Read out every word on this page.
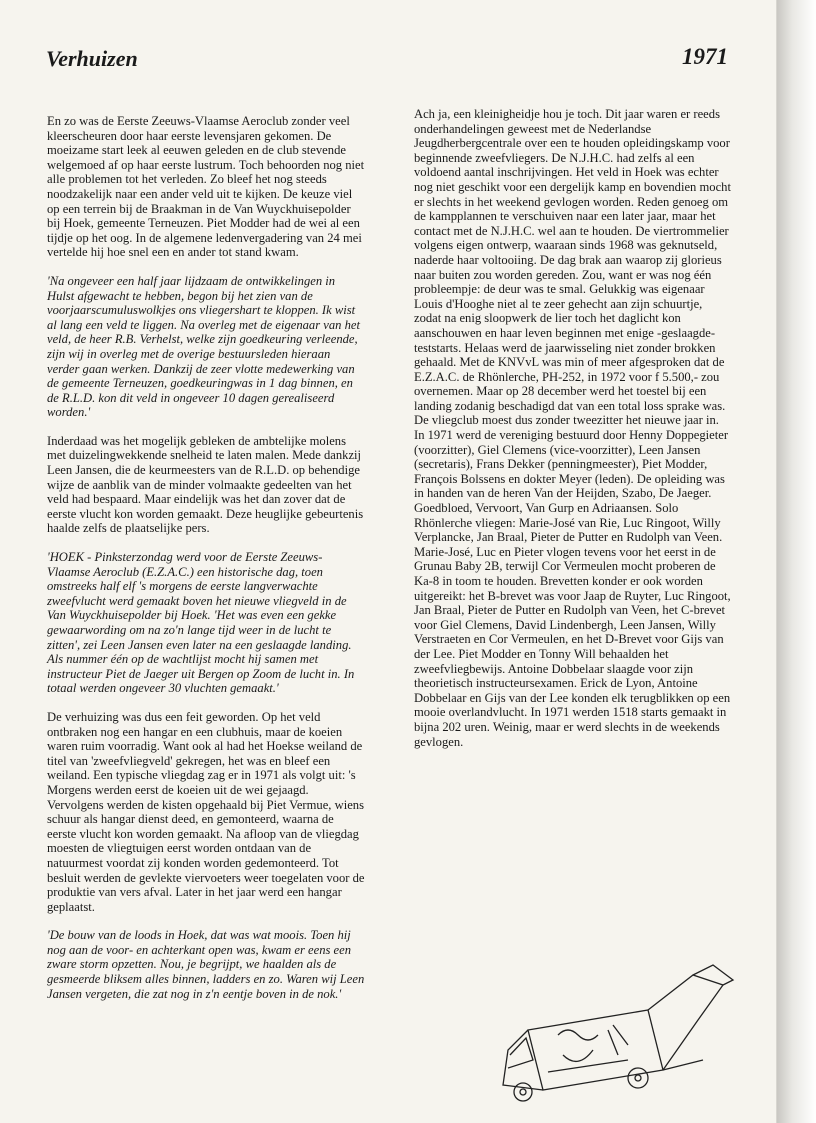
Verhuizen	1971

En zo was de Eerste Zeeuws-Vlaamse Aeroclub zonder veel kleerscheuren door haar eerste levensjaren gekomen. De moeizame start leek al eeuwen geleden en de club stevende welgemoed af op haar eerste lustrum. Toch behoorden nog niet alle problemen tot het verleden. Zo bleef het nog steeds noodzakelijk naar een ander veld uit te kijken. De keuze viel op een terrein bij de Braakman in de Van Wuyckhuisepolder bij Hoek, gemeente Terneuzen. Piet Modder had de wei al een tijdje op het oog. In de algemene ledenvergadering van 24 mei vertelde hij hoe snel een en ander tot stand kwam.

'Na ongeveer een half jaar lijdzaam de ontwikkelingen in Hulst afgewacht te hebben, begon bij het zien van de voorjaarscumuluswolkjes ons vliegershart te kloppen. Ik wist al lang een veld te liggen. Na overleg met de eigenaar van het veld, de heer R.B. Verhelst, welke zijn goedkeuring verleende, zijn wij in overleg met de overige bestuursleden hieraan verder gaan werken. Dankzij de zeer vlotte medewerking van de gemeente Terneuzen, goedkeuringwas in 1 dag binnen, en de R.L.D. kon dit veld in ongeveer 10 dagen gerealiseerd worden.'

Inderdaad was het mogelijk gebleken de ambtelijke molens met duizelingwekkende snelheid te laten malen. Mede dankzij Leen Jansen, die de keurmeesters van de R.L.D. op behendige wijze de aanblik van de minder volmaakte gedeelten van het veld had bespaard. Maar eindelijk was het dan zover dat de eerste vlucht kon worden gemaakt. Deze heuglijke gebeurtenis haalde zelfs de plaatselijke pers.

'HOEK - Pinksterzondag werd voor de Eerste Zeeuws-Vlaamse Aeroclub (E.Z.A.C.) een historische dag, toen omstreeks half elf 's morgens de eerste langverwachte zweefvlucht werd gemaakt boven het nieuwe vliegveld in de Van Wuyckhuisepolder bij Hoek. 'Het was even een gekke gewaarwording om na zo'n lange tijd weer in de lucht te zitten', zei Leen Jansen even later na een geslaagde landing. Als nummer één op de wachtlijst mocht hij samen met instructeur Piet de Jaeger uit Bergen op Zoom de lucht in. In totaal werden ongeveer 30 vluchten gemaakt.'

De verhuizing was dus een feit geworden. Op het veld ontbraken nog een hangar en een clubhuis, maar de koeien waren ruim voorradig. Want ook al had het Hoekse weiland de titel van 'zweefvliegveld' gekregen, het was en bleef een weiland. Een typische vliegdag zag er in 1971 als volgt uit: 's Morgens werden eerst de koeien uit de wei gejaagd. Vervolgens werden de kisten opgehaald bij Piet Vermue, wiens schuur als hangar dienst deed, en gemonteerd, waarna de eerste vlucht kon worden gemaakt. Na afloop van de vliegdag moesten de vliegtuigen eerst worden ontdaan van de natuurmest voordat zij konden worden gedemonteerd. Tot besluit werden de gevlekte viervoeters weer toegelaten voor de produktie van vers afval. Later in het jaar werd een hangar geplaatst.

'De bouw van de loods in Hoek, dat was wat moois. Toen hij nog aan de voor- en achterkant open was, kwam er eens een zware storm opzetten. Nou, je begrijpt, we haalden als de gesmeerde bliksem alles binnen, ladders en zo. Waren wij Leen Jansen vergeten, die zat nog in z'n eentje boven in de nok.'

Ach ja, een kleinigheidje hou je toch. Dit jaar waren er reeds onderhandelingen geweest met de Nederlandse Jeugdherbergcentrale over een te houden opleidingskamp voor beginnende zweefvliegers. De N.J.H.C. had zelfs al een voldoend aantal inschrijvingen. Het veld in Hoek was echter nog niet geschikt voor een dergelijk kamp en bovendien mocht er slechts in het weekend gevlogen worden. Reden genoeg om de kampplannen te verschuiven naar een later jaar, maar het contact met de N.J.H.C. wel aan te houden. De viertrommelier volgens eigen ontwerp, waaraan sinds 1968 was geknutseld, naderde haar voltooiing. De dag brak aan waarop zij glorieus naar buiten zou worden gereden. Zou, want er was nog één probleempje: de deur was te smal. Gelukkig was eigenaar Louis d'Hooghe niet al te zeer gehecht aan zijn schuurtje, zodat na enig sloopwerk de lier toch het daglicht kon aanschouwen en haar leven beginnen met enige -geslaagde- teststarts. Helaas werd de jaarwisseling niet zonder brokken gehaald. Met de KNVvL was min of meer afgesproken dat de E.Z.A.C. de Rhönlerche, PH-252, in 1972 voor f 5.500,- zou overnemen. Maar op 28 december werd het toestel bij een landing zodanig beschadigd dat van een total loss sprake was. De vliegclub moest dus zonder tweezitter het nieuwe jaar in. In 1971 werd de vereniging bestuurd door Henny Doppegieter (voorzitter), Giel Clemens (vice-voorzitter), Leen Jansen (secretaris), Frans Dekker (penningmeester), Piet Modder, François Bolssens en dokter Meyer (leden). De opleiding was in handen van de heren Van der Heijden, Szabo, De Jaeger. Goedbloed, Vervoort, Van Gurp en Adriaansen. Solo Rhönlerche vliegen: Marie-José van Rie, Luc Ringoot, Willy Verplancke, Jan Braal, Pieter de Putter en Rudolph van Veen. Marie-José, Luc en Pieter vlogen tevens voor het eerst in de Grunau Baby 2B, terwijl Cor Vermeulen mocht proberen de Ka-8 in toom te houden. Brevetten konder er ook worden uitgereikt: het B-brevet was voor Jaap de Ruyter, Luc Ringoot, Jan Braal, Pieter de Putter en Rudolph van Veen, het C-brevet voor Giel Clemens, David Lindenbergh, Leen Jansen, Willy Verstraeten en Cor Vermeulen, en het D-Brevet voor Gijs van der Lee. Piet Modder en Tonny Will behaalden het zweefvliegbewijs. Antoine Dobbelaar slaagde voor zijn theorietisch instructeursexamen. Erick de Lyon, Antoine Dobbelaar en Gijs van der Lee konden elk terugblikken op een mooie overlandvlucht. In 1971 werden 1518 starts gemaakt in bijna 202 uren. Weinig, maar er werd slechts in de weekends gevlogen.
